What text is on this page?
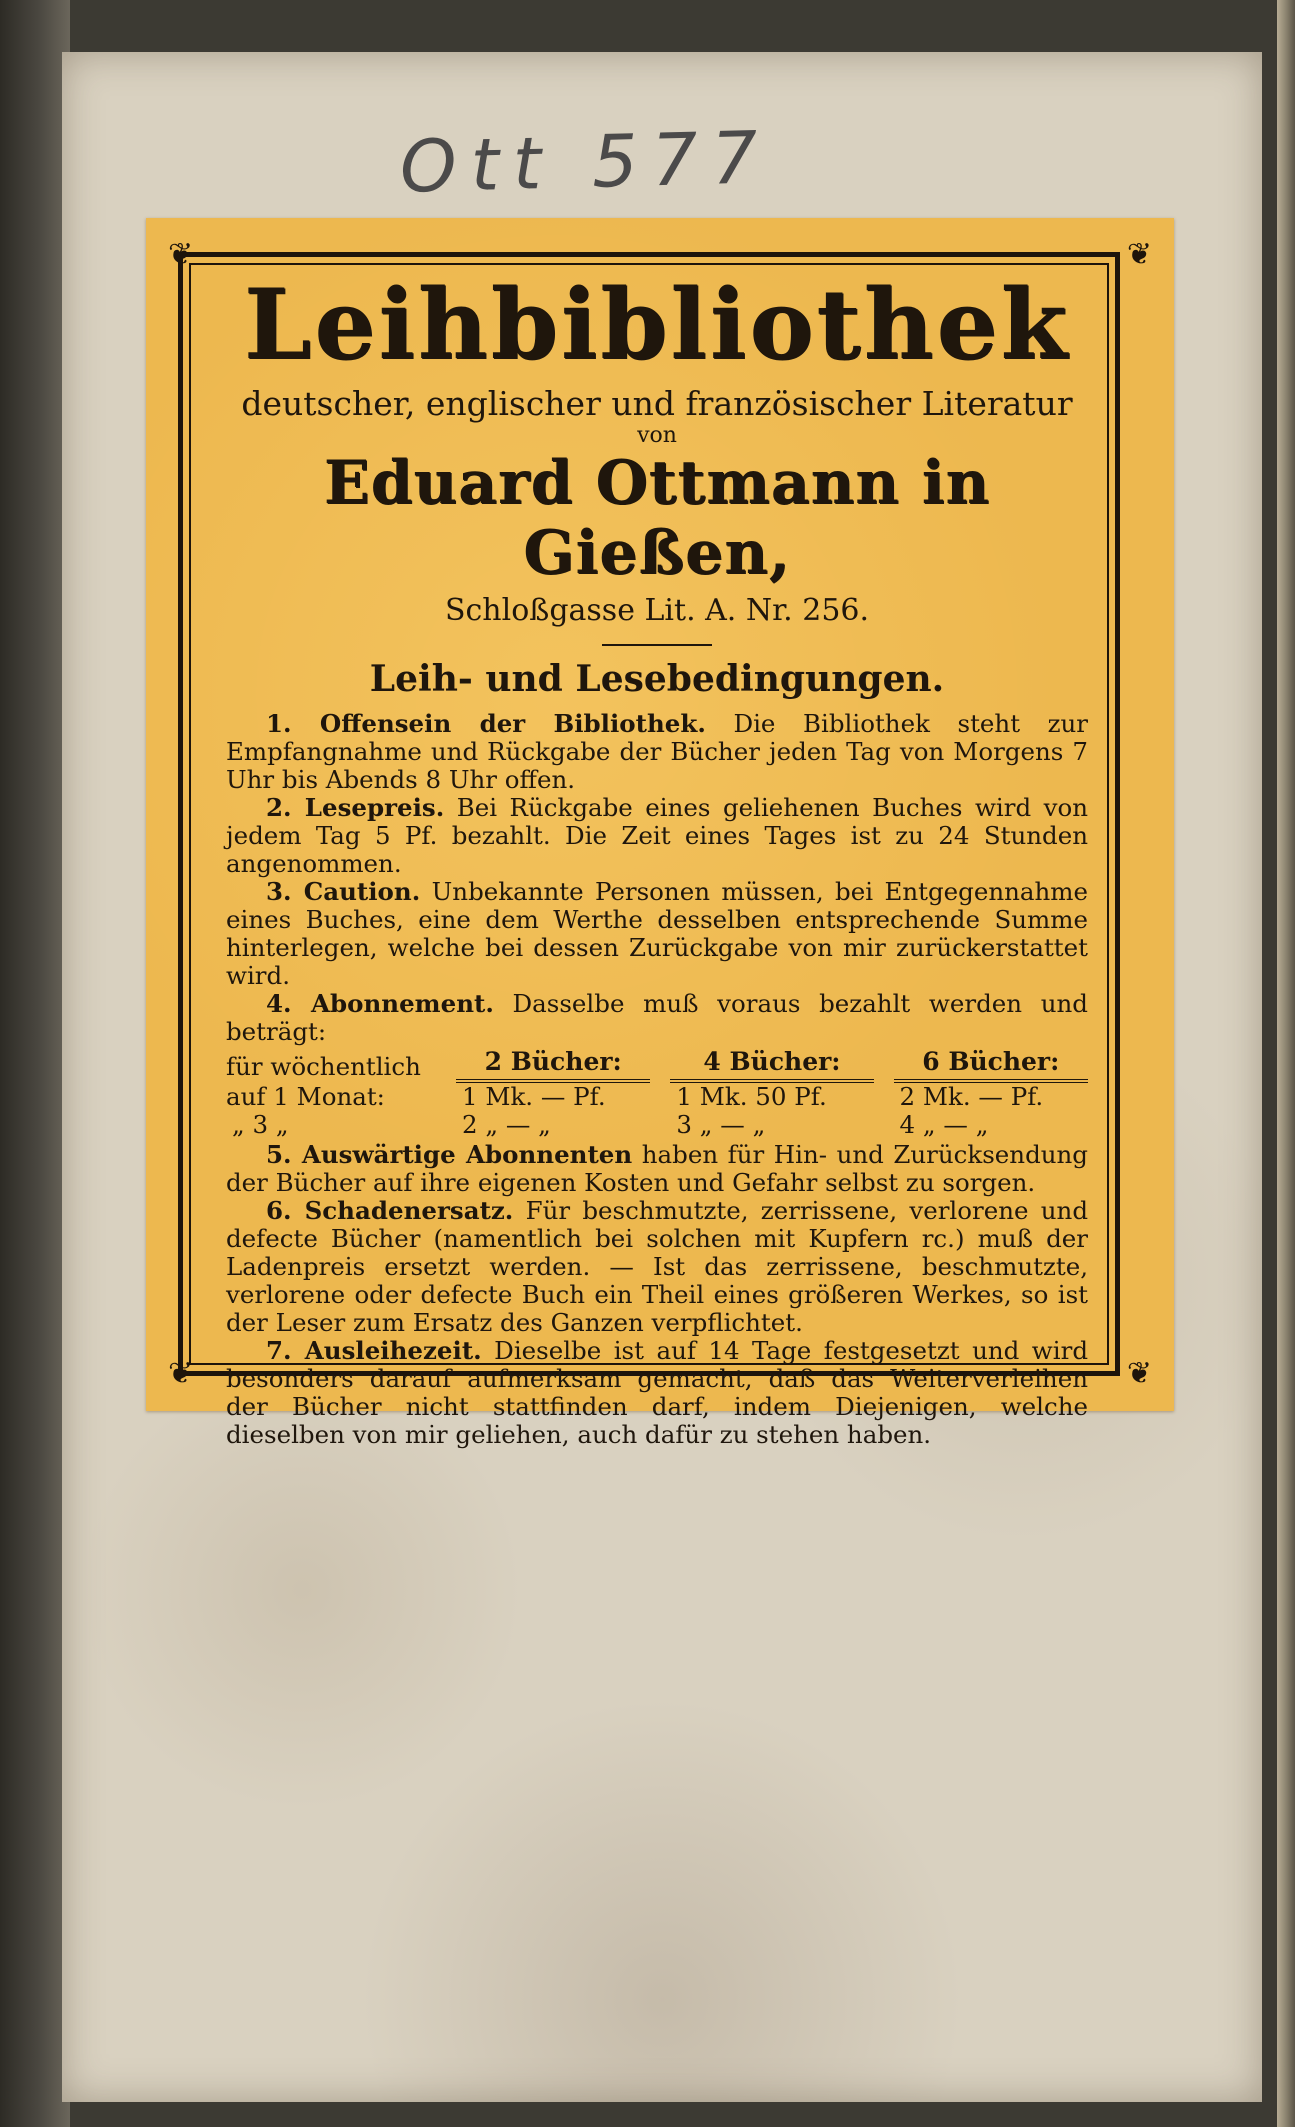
Ott 577
❦	❦
❦	❦
Leihbibliothek
deutscher, englischer und französischer Literatur
von
Eduard Ottmann in Gießen,
Schloßgasse Lit. A. Nr. 256.
Leih- und Lesebedingungen.

1. Offensein der Bibliothek. Die Bibliothek steht zur Empfangnahme und Rückgabe der Bücher jeden Tag von Morgens 7 Uhr bis Abends 8 Uhr offen.

2. Lesepreis. Bei Rückgabe eines geliehenen Buches wird von jedem Tag 5 Pf. bezahlt. Die Zeit eines Tages ist zu 24 Stunden angenommen.

3. Caution. Unbekannte Personen müssen, bei Entgegennahme eines Buches, eine dem Werthe desselben entsprechende Summe hinterlegen, welche bei dessen Zurückgabe von mir zurückerstattet wird.

4. Abonnement. Dasselbe muß voraus bezahlt werden und beträgt:

für wöchentlich	2 Bücher:		4 Bücher:		6 Bücher:
auf 1 Monat:	1 Mk. — Pf.		1 Mk. 50 Pf.		2 Mk. — Pf.
„ 3 „	2 „ — „		3 „ — „		4 „ — „

5. Auswärtige Abonnenten haben für Hin- und Zurücksendung der Bücher auf ihre eigenen Kosten und Gefahr selbst zu sorgen.

6. Schadenersatz. Für beschmutzte, zerrissene, verlorene und defecte Bücher (namentlich bei solchen mit Kupfern rc.) muß der Ladenpreis ersetzt werden. — Ist das zerrissene, beschmutzte, verlorene oder defecte Buch ein Theil eines größeren Werkes, so ist der Leser zum Ersatz des Ganzen verpflichtet.

7. Ausleihezeit. Dieselbe ist auf 14 Tage festgesetzt und wird besonders darauf aufmerksam gemacht, daß das Weiterverleihen der Bücher nicht stattfinden darf, indem Diejenigen, welche dieselben von mir geliehen, auch dafür zu stehen haben.
